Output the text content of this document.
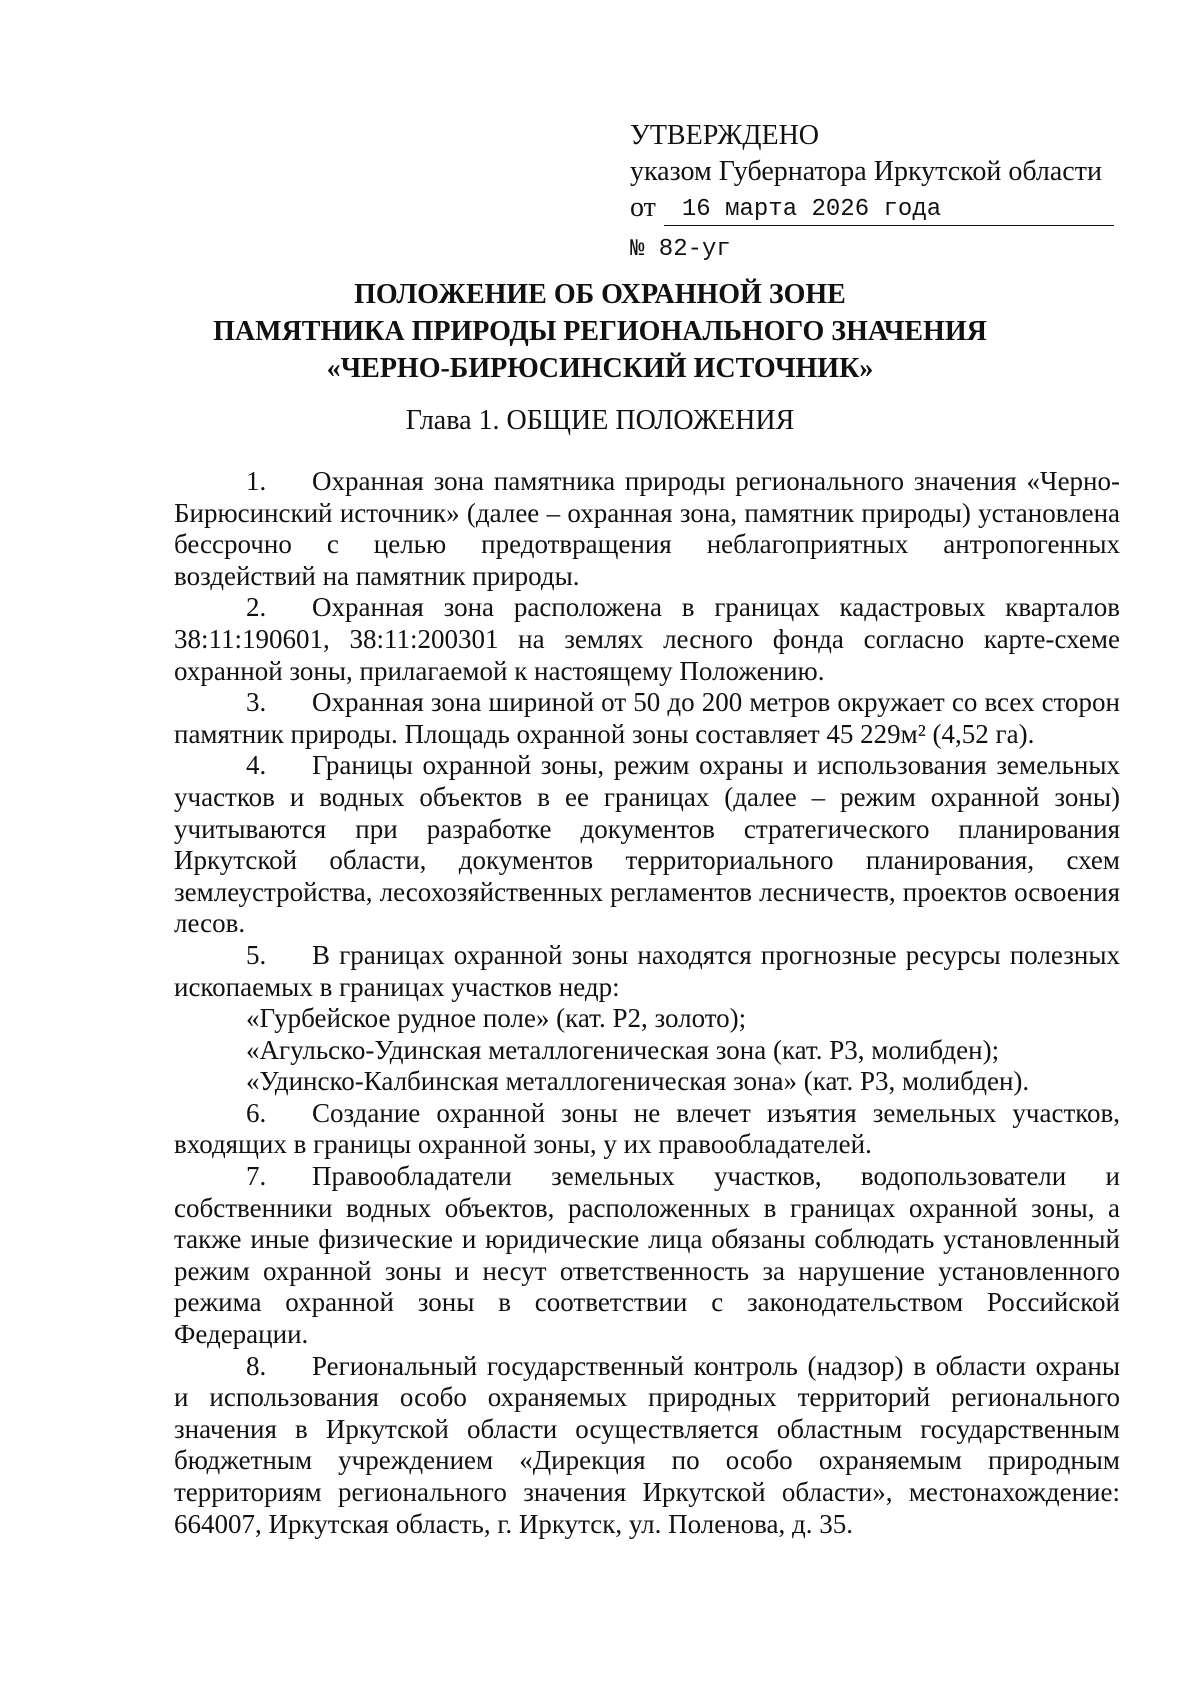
УТВЕРЖДЕНО
указом Губернатора Иркутской области
от	16 марта 2026 года
№ 82-уг
ПОЛОЖЕНИЕ ОБ ОХРАННОЙ ЗОНЕ
ПАМЯТНИКА ПРИРОДЫ РЕГИОНАЛЬНОГО ЗНАЧЕНИЯ
«ЧЕРНО-БИРЮСИНСКИЙ ИСТОЧНИК»
Глава 1. ОБЩИЕ ПОЛОЖЕНИЯ

1. Охранная зона памятника природы регионального значения «Черно-Бирюсинский источник» (далее – охранная зона, памятник природы) установлена бессрочно с целью предотвращения неблагоприятных антропогенных воздействий на памятник природы.

2. Охранная зона расположена в границах кадастровых кварталов 38:11:190601, 38:11:200301 на землях лесного фонда согласно карте-схеме охранной зоны, прилагаемой к настоящему Положению.

3. Охранная зона шириной от 50 до 200 метров окружает со всех сторон памятник природы. Площадь охранной зоны составляет 45 229м² (4,52 га).

4. Границы охранной зоны, режим охраны и использования земельных участков и водных объектов в ее границах (далее – режим охранной зоны) учитываются при разработке документов стратегического планирования Иркутской области, документов территориального планирования, схем землеустройства, лесохозяйственных регламентов лесничеств, проектов освоения лесов.

5. В границах охранной зоны находятся прогнозные ресурсы полезных ископаемых в границах участков недр:

«Гурбейское рудное поле» (кат. Р2, золото);

«Агульско-Удинская металлогеническая зона (кат. Р3, молибден);

«Удинско-Калбинская металлогеническая зона» (кат. Р3, молибден).

6. Создание охранной зоны не влечет изъятия земельных участков, входящих в границы охранной зоны, у их правообладателей.

7. Правообладатели земельных участков, водопользователи и собственники водных объектов, расположенных в границах охранной зоны, а также иные физические и юридические лица обязаны соблюдать установленный режим охранной зоны и несут ответственность за нарушение установленного режима охранной зоны в соответствии с законодательством Российской Федерации.

8. Региональный государственный контроль (надзор) в области охраны и использования особо охраняемых природных территорий регионального значения в Иркутской области осуществляется областным государственным бюджетным учреждением «Дирекция по особо охраняемым природным территориям регионального значения Иркутской области», местонахождение: 664007, Иркутская область, г. Иркутск, ул. Поленова, д. 35.
